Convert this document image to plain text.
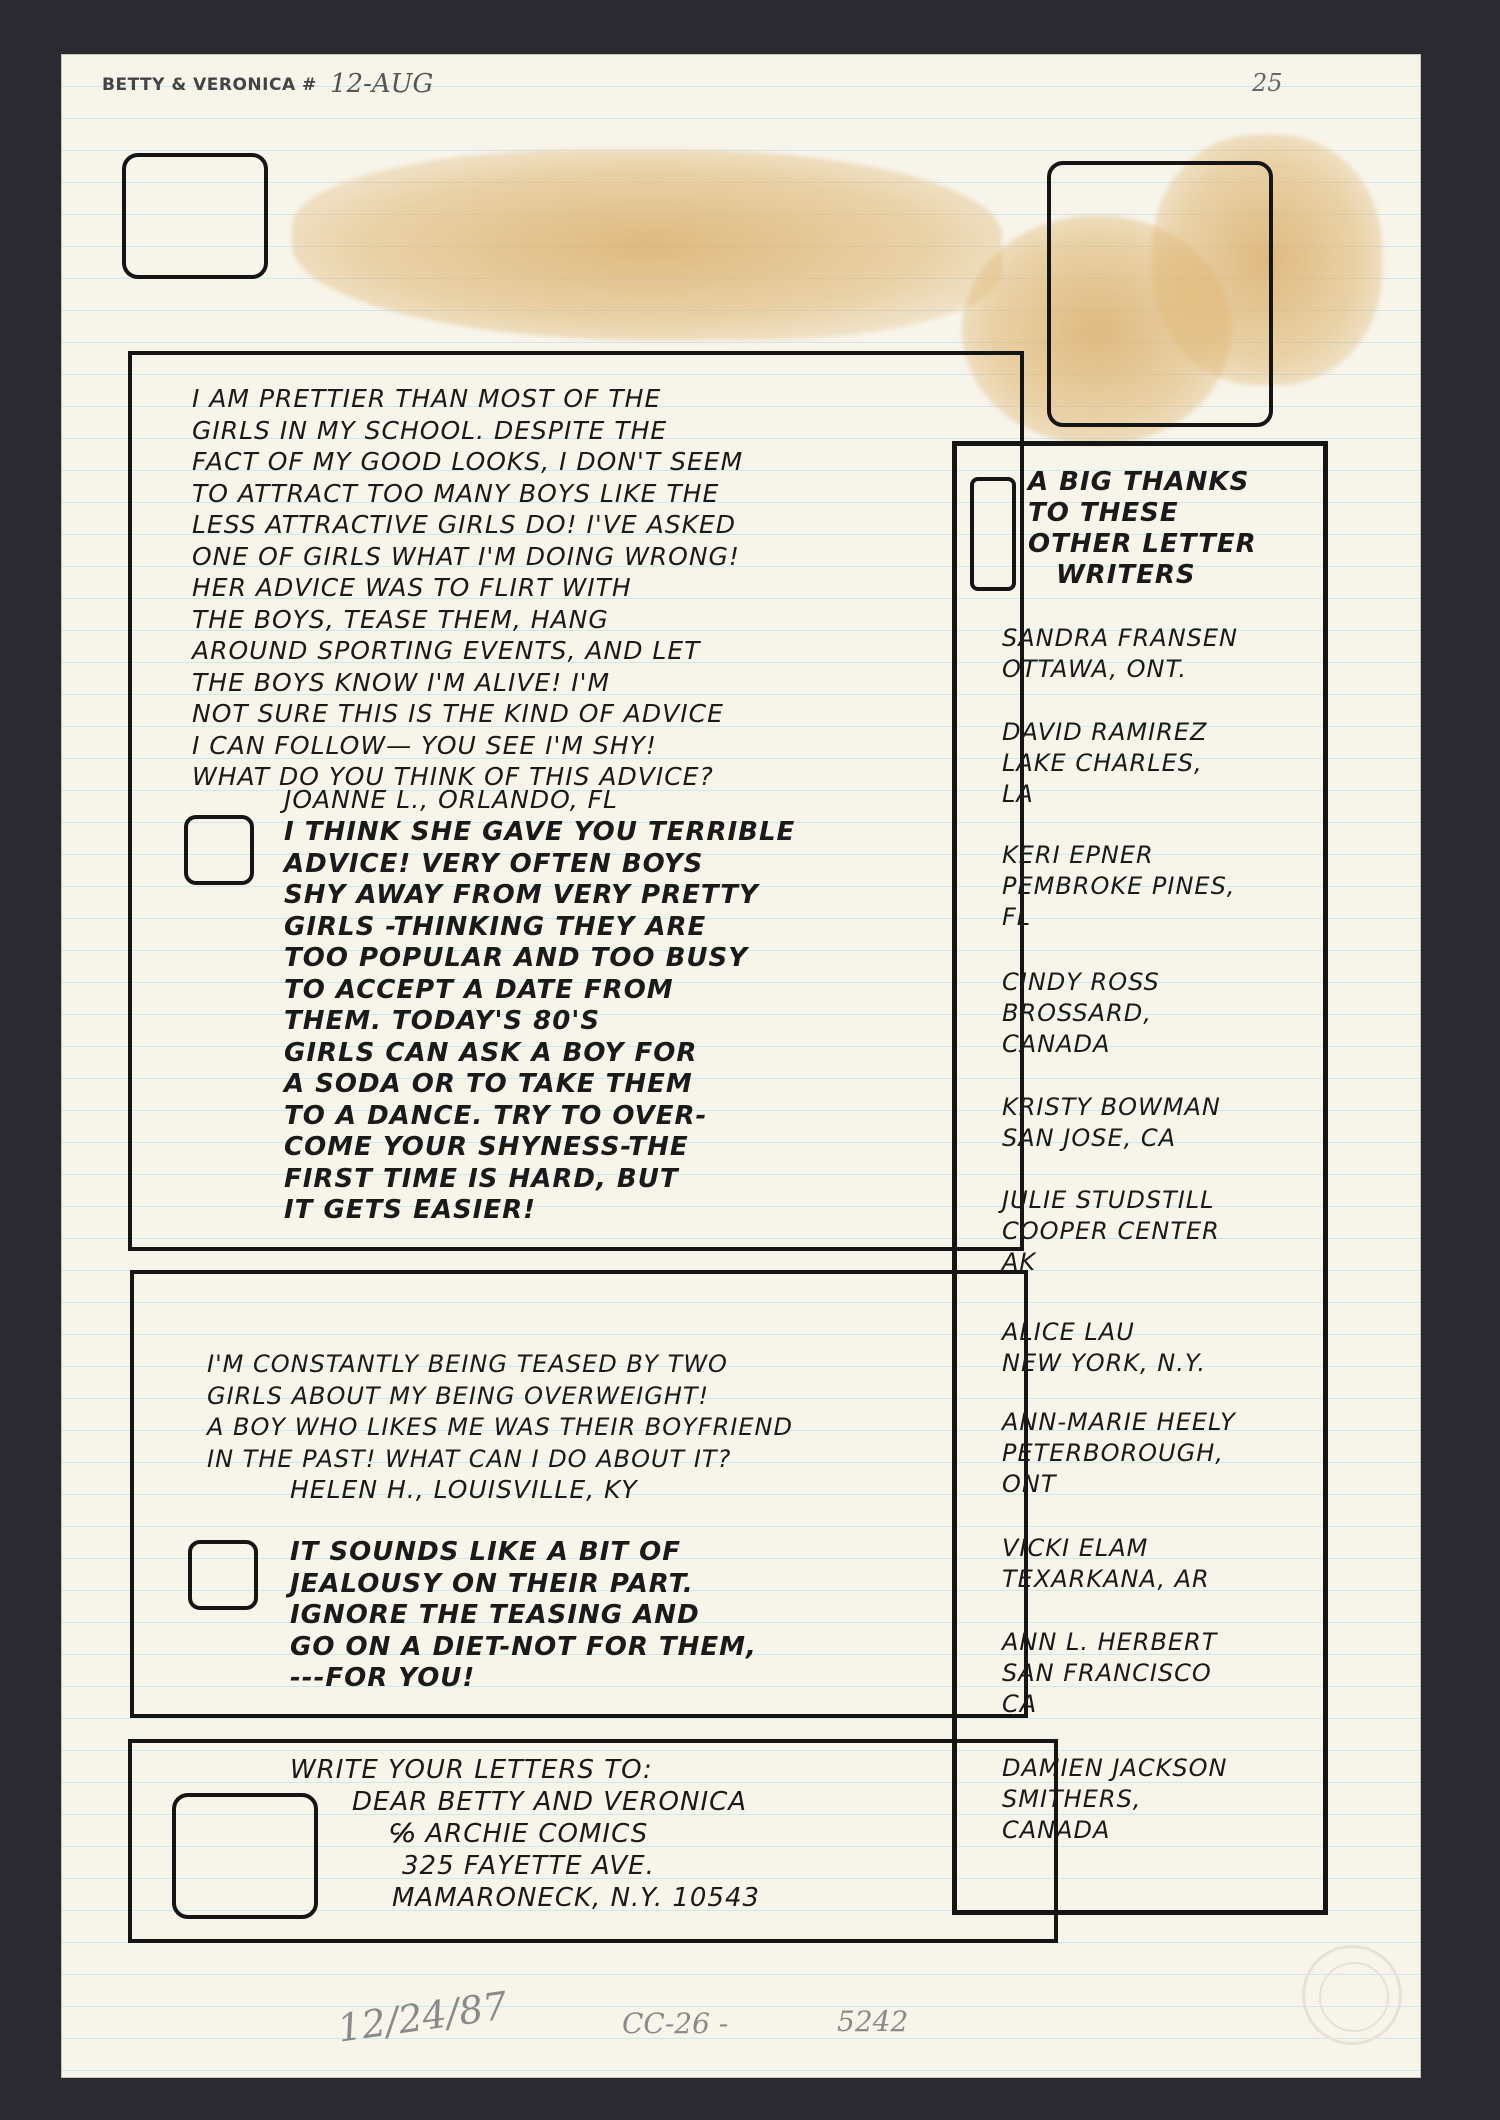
BETTY & VERONICA # 12-AUG	25
I AM PRETTIER THAN MOST OF THE
GIRLS IN MY SCHOOL. DESPITE THE
FACT OF MY GOOD LOOKS, I DON'T SEEM
TO ATTRACT TOO MANY BOYS LIKE THE
LESS ATTRACTIVE GIRLS DO! I'VE ASKED
ONE OF GIRLS WHAT I'M DOING WRONG!
HER ADVICE WAS TO FLIRT WITH
THE BOYS, TEASE THEM, HANG
AROUND SPORTING EVENTS, AND LET
THE BOYS KNOW I'M ALIVE! I'M
NOT SURE THIS IS THE KIND OF ADVICE
I CAN FOLLOW— YOU SEE I'M SHY!
WHAT DO YOU THINK OF THIS ADVICE?
JOANNE L., ORLANDO, FL
I THINK SHE GAVE YOU TERRIBLE
ADVICE! VERY OFTEN BOYS
SHY AWAY FROM VERY PRETTY
GIRLS -THINKING THEY ARE
TOO POPULAR AND TOO BUSY
TO ACCEPT A DATE FROM
THEM. TODAY'S 80'S
GIRLS CAN ASK A BOY FOR
A SODA OR TO TAKE THEM
TO A DANCE. TRY TO OVER-
COME YOUR SHYNESS-THE
FIRST TIME IS HARD, BUT
IT GETS EASIER!
I'M CONSTANTLY BEING TEASED BY TWO
GIRLS ABOUT MY BEING OVERWEIGHT!
A BOY WHO LIKES ME WAS THEIR BOYFRIEND
IN THE PAST! WHAT CAN I DO ABOUT IT?
HELEN H., LOUISVILLE, KY
IT SOUNDS LIKE A BIT OF
JEALOUSY ON THEIR PART.
IGNORE THE TEASING AND
GO ON A DIET-NOT FOR THEM,
---FOR YOU!
WRITE YOUR LETTERS TO:
DEAR BETTY AND VERONICA
℅ ARCHIE COMICS
325 FAYETTE AVE.
MAMARONECK, N.Y. 10543
A BIG THANKS
TO THESE
OTHER LETTER
WRITERS
SANDRA FRANSEN
OTTAWA, ONT.
DAVID RAMIREZ
LAKE CHARLES,
LA
KERI EPNER
PEMBROKE PINES,
FL
CINDY ROSS
BROSSARD,
CANADA
KRISTY BOWMAN
SAN JOSE, CA
JULIE STUDSTILL
COOPER CENTER
AK
ALICE LAU
NEW YORK, N.Y.
ANN-MARIE HEELY
PETERBOROUGH,
ONT
VICKI ELAM
TEXARKANA, AR
ANN L. HERBERT
SAN FRANCISCO
CA
DAMIEN JACKSON
SMITHERS,
CANADA
12/24/87	CC-26 -	5242
